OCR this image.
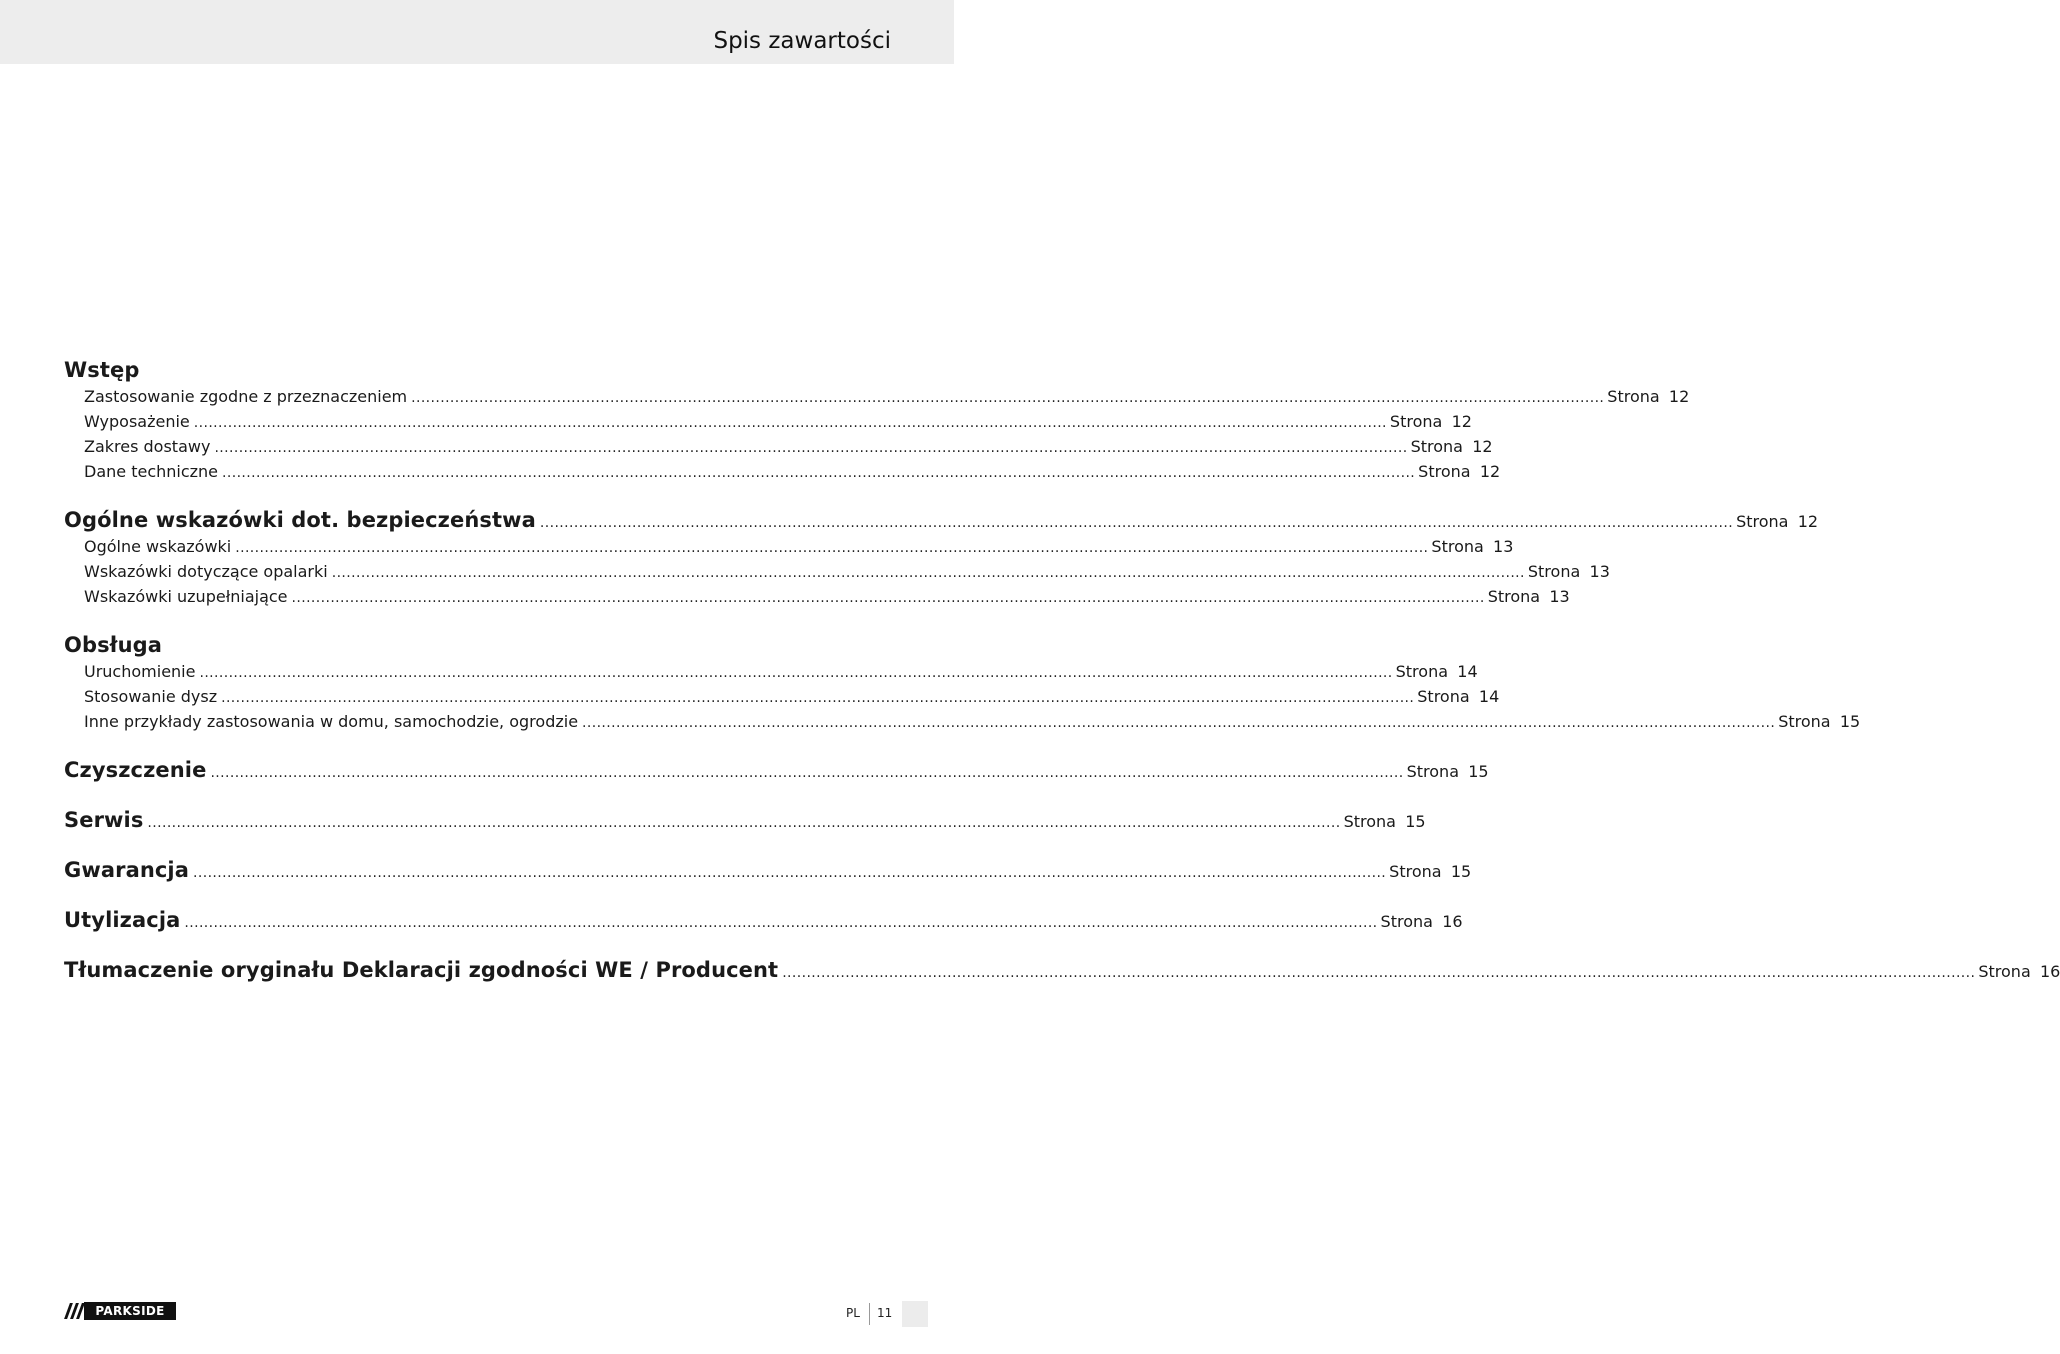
Spis zawartości
Wstęp
Zastosowanie zgodne z przeznaczeniem ...................................................................................................................................................................................................................................................... Strona 12
Wyposażenie ...................................................................................................................................................................................................................................................... Strona 12
Zakres dostawy ...................................................................................................................................................................................................................................................... Strona 12
Dane techniczne ...................................................................................................................................................................................................................................................... Strona 12
Ogólne wskazówki dot. bezpieczeństwa ...................................................................................................................................................................................................................................................... Strona 12
Ogólne wskazówki ...................................................................................................................................................................................................................................................... Strona 13
Wskazówki dotyczące opalarki ...................................................................................................................................................................................................................................................... Strona 13
Wskazówki uzupełniające ...................................................................................................................................................................................................................................................... Strona 13
Obsługa
Uruchomienie ...................................................................................................................................................................................................................................................... Strona 14
Stosowanie dysz ...................................................................................................................................................................................................................................................... Strona 14
Inne przykłady zastosowania w domu, samochodzie, ogrodzie ...................................................................................................................................................................................................................................................... Strona 15
Czyszczenie ...................................................................................................................................................................................................................................................... Strona 15
Serwis ...................................................................................................................................................................................................................................................... Strona 15
Gwarancja ...................................................................................................................................................................................................................................................... Strona 15
Utylizacja ...................................................................................................................................................................................................................................................... Strona 16
Tłumaczenie oryginału Deklaracji zgodności WE / Producent ...................................................................................................................................................................................................................................................... Strona 16
PARKSIDE	PL 11
